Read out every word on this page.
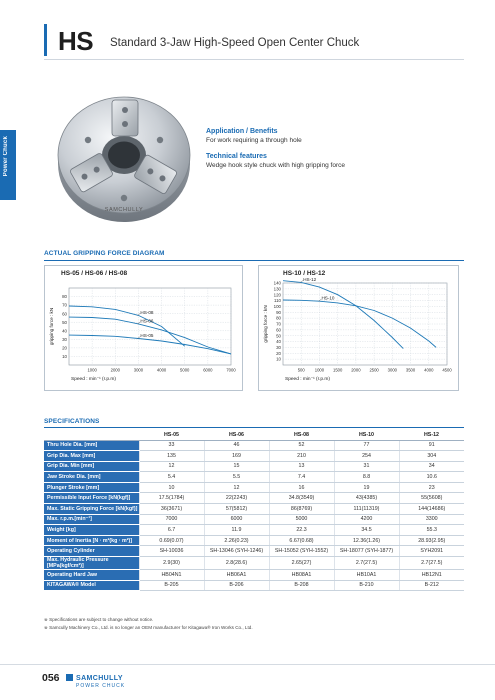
Power Chuck
HS Standard 3-Jaw High-Speed Open Center Chuck
SAMCHULLY
Application / Benefits
For work requiring a through hole
Technical features
Wedge hook style chuck with high gripping force
ACTUAL GRIPPING FORCE DIAGRAM
HS-05 / HS-06 / HS-08
10
20
30
40
50
60
70
80
1000	2000	3000	4000	5000	6000	7000
Speed : min⁻¹ (r.p.m)
gripping force : kN	HS-08
HS-06
HS-05
HS-10 / HS-12
10
20
30
40
50
60
70
80
90
100
110
120
130
140
500 1000 1500 2000 2500 3000 3500 4000 4500
Speed : min⁻¹ (r.p.m)
gripping force : kN
HS-10
HS-12
SPECIFICATIONS
	HS-05	HS-06	HS-08	HS-10	HS-12
Thru Hole Dia. [mm]	33	46	52	77	91
Grip Dia. Max [mm]	135	169	210	254	304
Grip Dia. Min [mm]	12	15	13	31	34
Jaw Stroke Dia. [mm]	5.4	5.5	7.4	8.8	10.6
Plunger Stroke [mm]	10	12	16	19	23
Permissible Input Force [kN(kgf)]	17.5(1784)	22(2243)	34.8(3549)	43(4385)	55(5608)
Max. Static Gripping Force [kN(kgf)]	36(3671)	57(5812)	86(8769)	111(11319)	144(14686)
Max. r.p.m.[min⁻¹]	7000	6000	5000	4200	3300
Weight [kg]	6.7	11.9	22.3	34.5	55.3
Moment of Inertia [N · m²(kg · m²)]	0.69(0.07)	2.26(0.23)	6.67(0.68)	12.36(1.26)	28.93(2.95)
Operating Cylinder	SH-10036	SH-13046 (SYH-1246)	SH-15052 (SYH-1552)	SH-18077 (SYH-1877)	SYH2091
Max. Hydraulic Pressure [MPa(kgf/cm²)]	2.9(30)	2.8(28.6)	2.65(27)	2.7(27.5)	2.7(27.5)
Operating Hard Jaw	HB04N1	HB06A1	HB08A1	HB10A1	HB12N1
KITAGAWA® Model	B-205	B-206	B-208	B-210	B-212
※ Specifications are subject to change without notice.
※ Samcully Machinery Co., Ltd. is no longer an OEM manufacturer for Kitagawa® Iron Works Co., Ltd.
056 SAMCHULLY
POWER CHUCK
